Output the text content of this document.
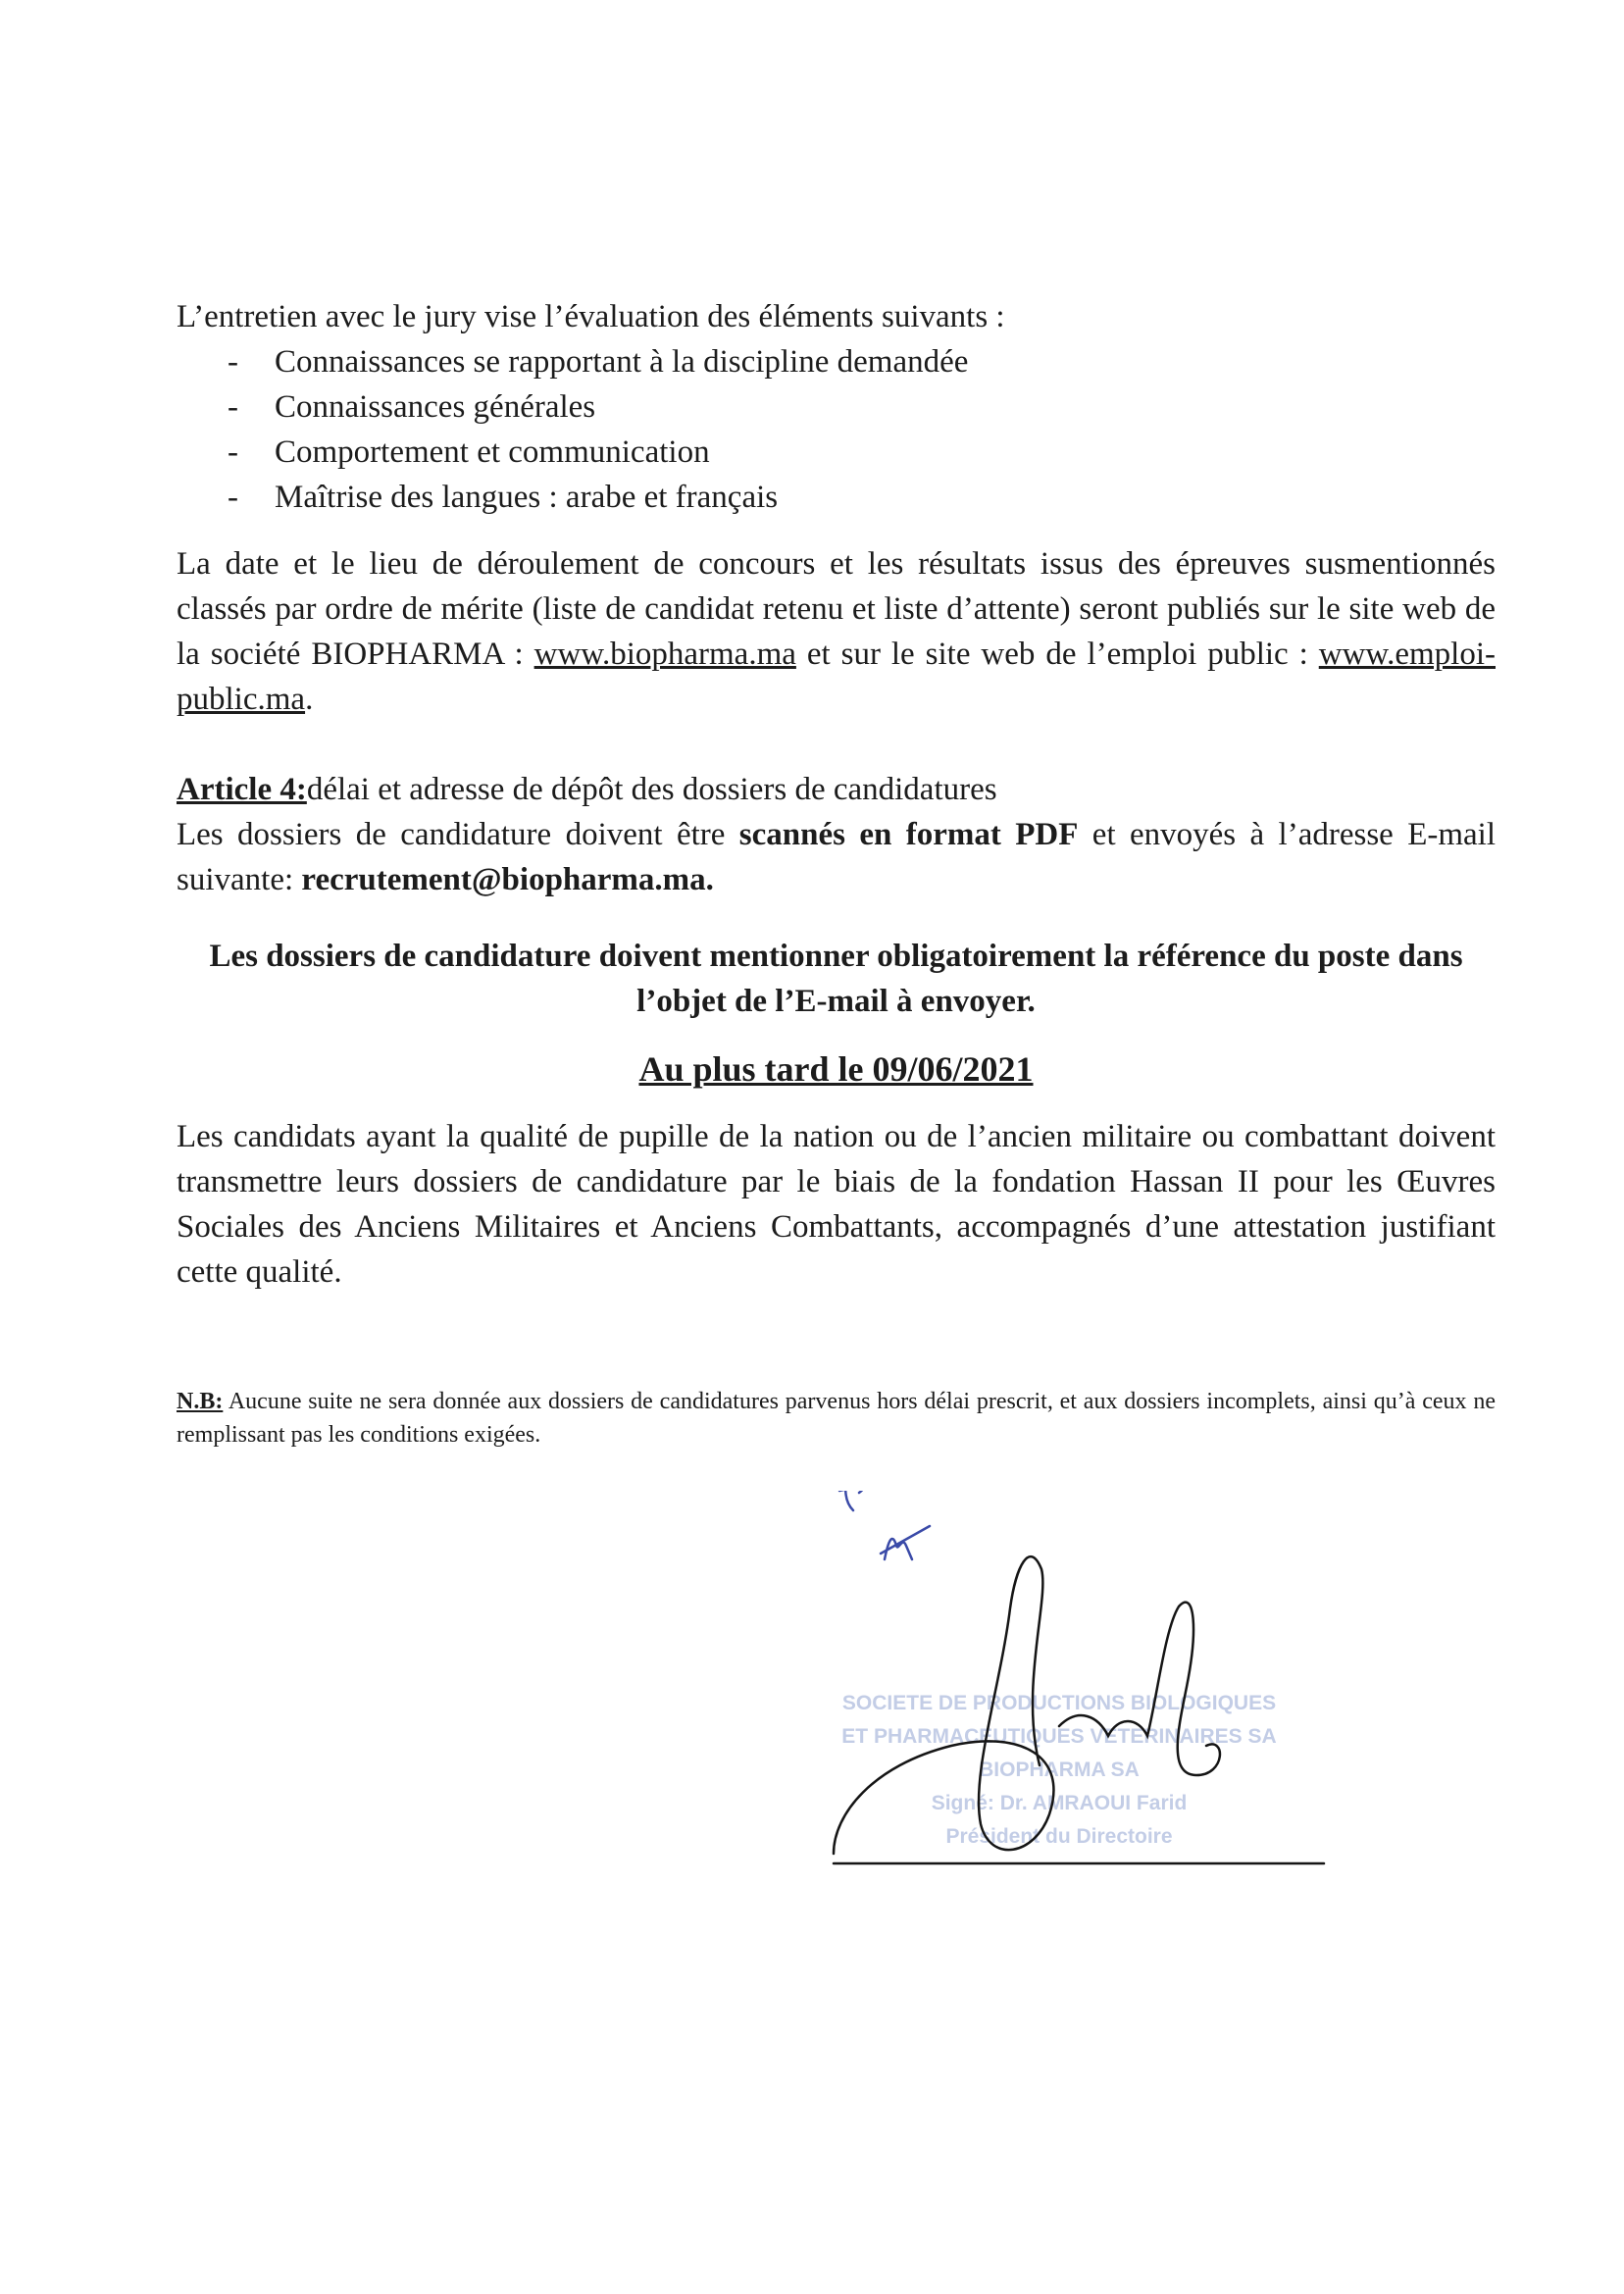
L’entretien avec le jury vise l’évaluation des éléments suivants :
- Connaissances se rapportant à la discipline demandée
- Connaissances générales
- Comportement et communication
- Maîtrise des langues : arabe et français
La date et le lieu de déroulement de concours et les résultats issus des épreuves susmentionnés classés par ordre de mérite (liste de candidat retenu et liste d’attente) seront publiés sur le site web de la société BIOPHARMA : www.biopharma.ma et sur le site web de l’emploi public : www.emploi-public.ma.
Article 4:délai et adresse de dépôt des dossiers de candidatures
Les dossiers de candidature doivent être scannés en format PDF et envoyés à l’adresse E-mail suivante: recrutement@biopharma.ma.
Les dossiers de candidature doivent mentionner obligatoirement la référence du poste dans
l’objet de l’E-mail à envoyer.
Au plus tard le 09/06/2021
Les candidats ayant la qualité de pupille de la nation ou de l’ancien militaire ou combattant doivent transmettre leurs dossiers de candidature par le biais de la fondation Hassan II pour les Œuvres Sociales des Anciens Militaires et Anciens Combattants, accompagnés d’une attestation justifiant cette qualité.
N.B: Aucune suite ne sera donnée aux dossiers de candidatures parvenus hors délai prescrit, et aux dossiers incomplets, ainsi qu’à ceux ne remplissant pas les conditions exigées.
SOCIETE DE PRODUCTIONS BIOLOGIQUES
ET PHARMACEUTIQUES VETERINAIRES SA
BIOPHARMA SA
Signé: Dr. AMRAOUI Farid
Président du Directoire
